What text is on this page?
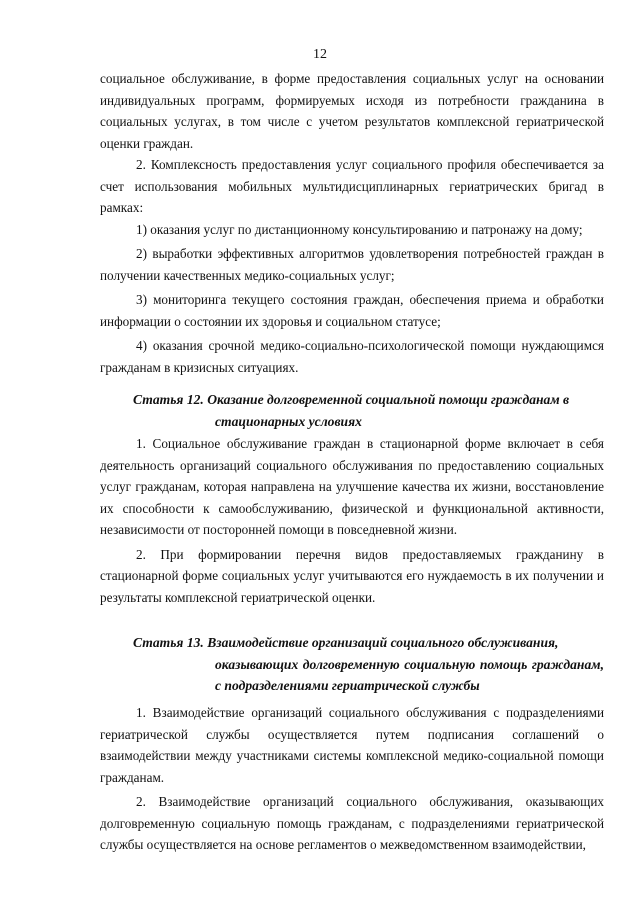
12

социальное обслуживание, в форме предоставления социальных услуг на основании индивидуальных программ, формируемых исходя из потребности гражданина в социальных услугах, в том числе с учетом результатов комплексной гериатрической оценки граждан.

2. Комплексность предоставления услуг социального профиля обеспечивается за счет использования мобильных мультидисциплинарных гериатрических бригад в рамках:

1) оказания услуг по дистанционному консультированию и патронажу на дому;

2) выработки эффективных алгоритмов удовлетворения потребностей граждан в получении качественных медико-социальных услуг;

3) мониторинга текущего состояния граждан, обеспечения приема и обработки информации о состоянии их здоровья и социальном статусе;

4) оказания срочной медико-социально-психологической помощи нуждающимся гражданам в кризисных ситуациях.

Статья 12. Оказание долговременной социальной помощи гражданам в
стационарных условиях

1. Социальное обслуживание граждан в стационарной форме включает в себя деятельность организаций социального обслуживания по предоставлению социальных услуг гражданам, которая направлена на улучшение качества их жизни, восстановление их способности к самообслуживанию, физической и функциональной активности, независимости от посторонней помощи в повседневной жизни.

2. При формировании перечня видов предоставляемых гражданину в стационарной форме социальных услуг учитываются его нуждаемость в их получении и результаты комплексной гериатрической оценки.

Статья 13. Взаимодействие организаций социального обслуживания,
оказывающих долговременную социальную помощь гражданам, с подразделениями гериатрической службы

1. Взаимодействие организаций социального обслуживания с подразделениями гериатрической службы осуществляется путем подписания соглашений о взаимодействии между участниками системы комплексной медико-социальной помощи гражданам.

2. Взаимодействие организаций социального обслуживания, оказывающих долговременную социальную помощь гражданам, с подразделениями гериатрической службы осуществляется на основе регламентов о межведомственном взаимодействии,
